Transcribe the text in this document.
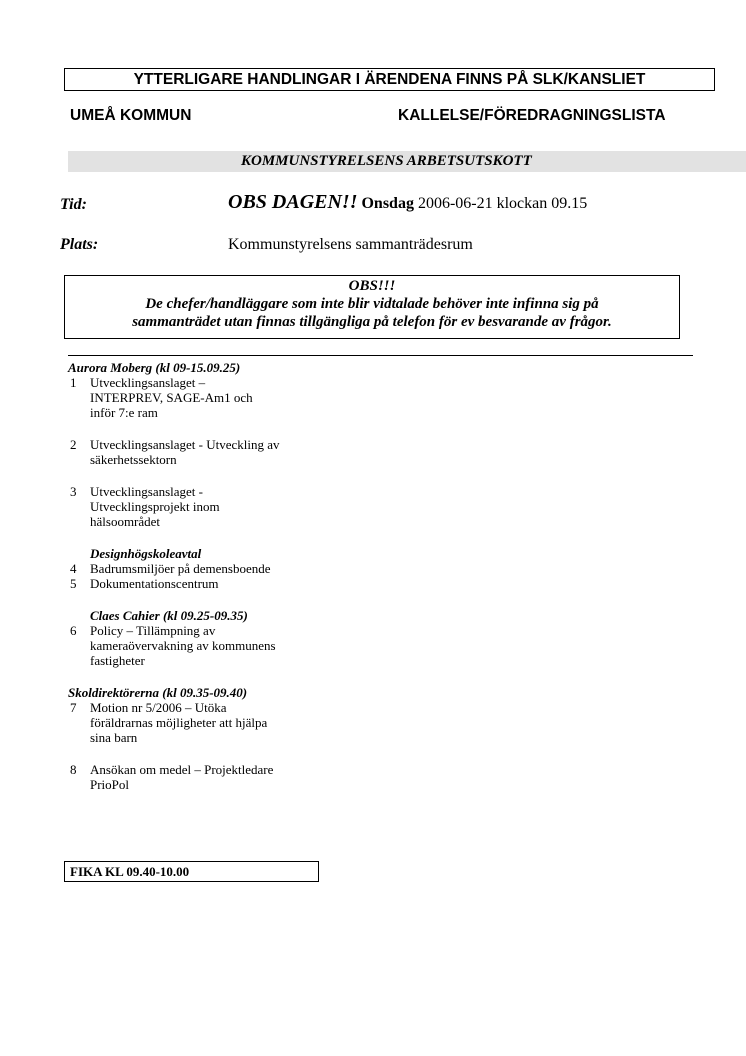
YTTERLIGARE HANDLINGAR I ÄRENDENA FINNS PÅ SLK/KANSLIET
UMEÅ KOMMUN	KALLELSE/FÖREDRAGNINGSLISTA
KOMMUNSTYRELSENS ARBETSUTSKOTT
Tid:	OBS DAGEN!! Onsdag 2006-06-21 klockan 09.15
Plats:	Kommunstyrelsens sammanträdesrum
OBS!!!
De chefer/handläggare som inte blir vidtalade behöver inte infinna sig på
sammanträdet utan finnas tillgängliga på telefon för ev besvarande av frågor.
Aurora Moberg (kl 09-15.09.25)
1	Utvecklingsanslaget –
INTERPREV, SAGE-Am1 och
inför 7:e ram
2	Utvecklingsanslaget - Utveckling av
säkerhetssektorn
3	Utvecklingsanslaget -
Utvecklingsprojekt inom
hälsoområdet
Designhögskoleavtal
4	Badrumsmiljöer på demensboende
5	Dokumentationscentrum
Claes Cahier (kl 09.25-09.35)
6	Policy – Tillämpning av
kameraövervakning av kommunens
fastigheter
Skoldirektörerna (kl 09.35-09.40)
7	Motion nr 5/2006 – Utöka
föräldrarnas möjligheter att hjälpa
sina barn
8	Ansökan om medel – Projektledare
PrioPol
FIKA KL 09.40-10.00
